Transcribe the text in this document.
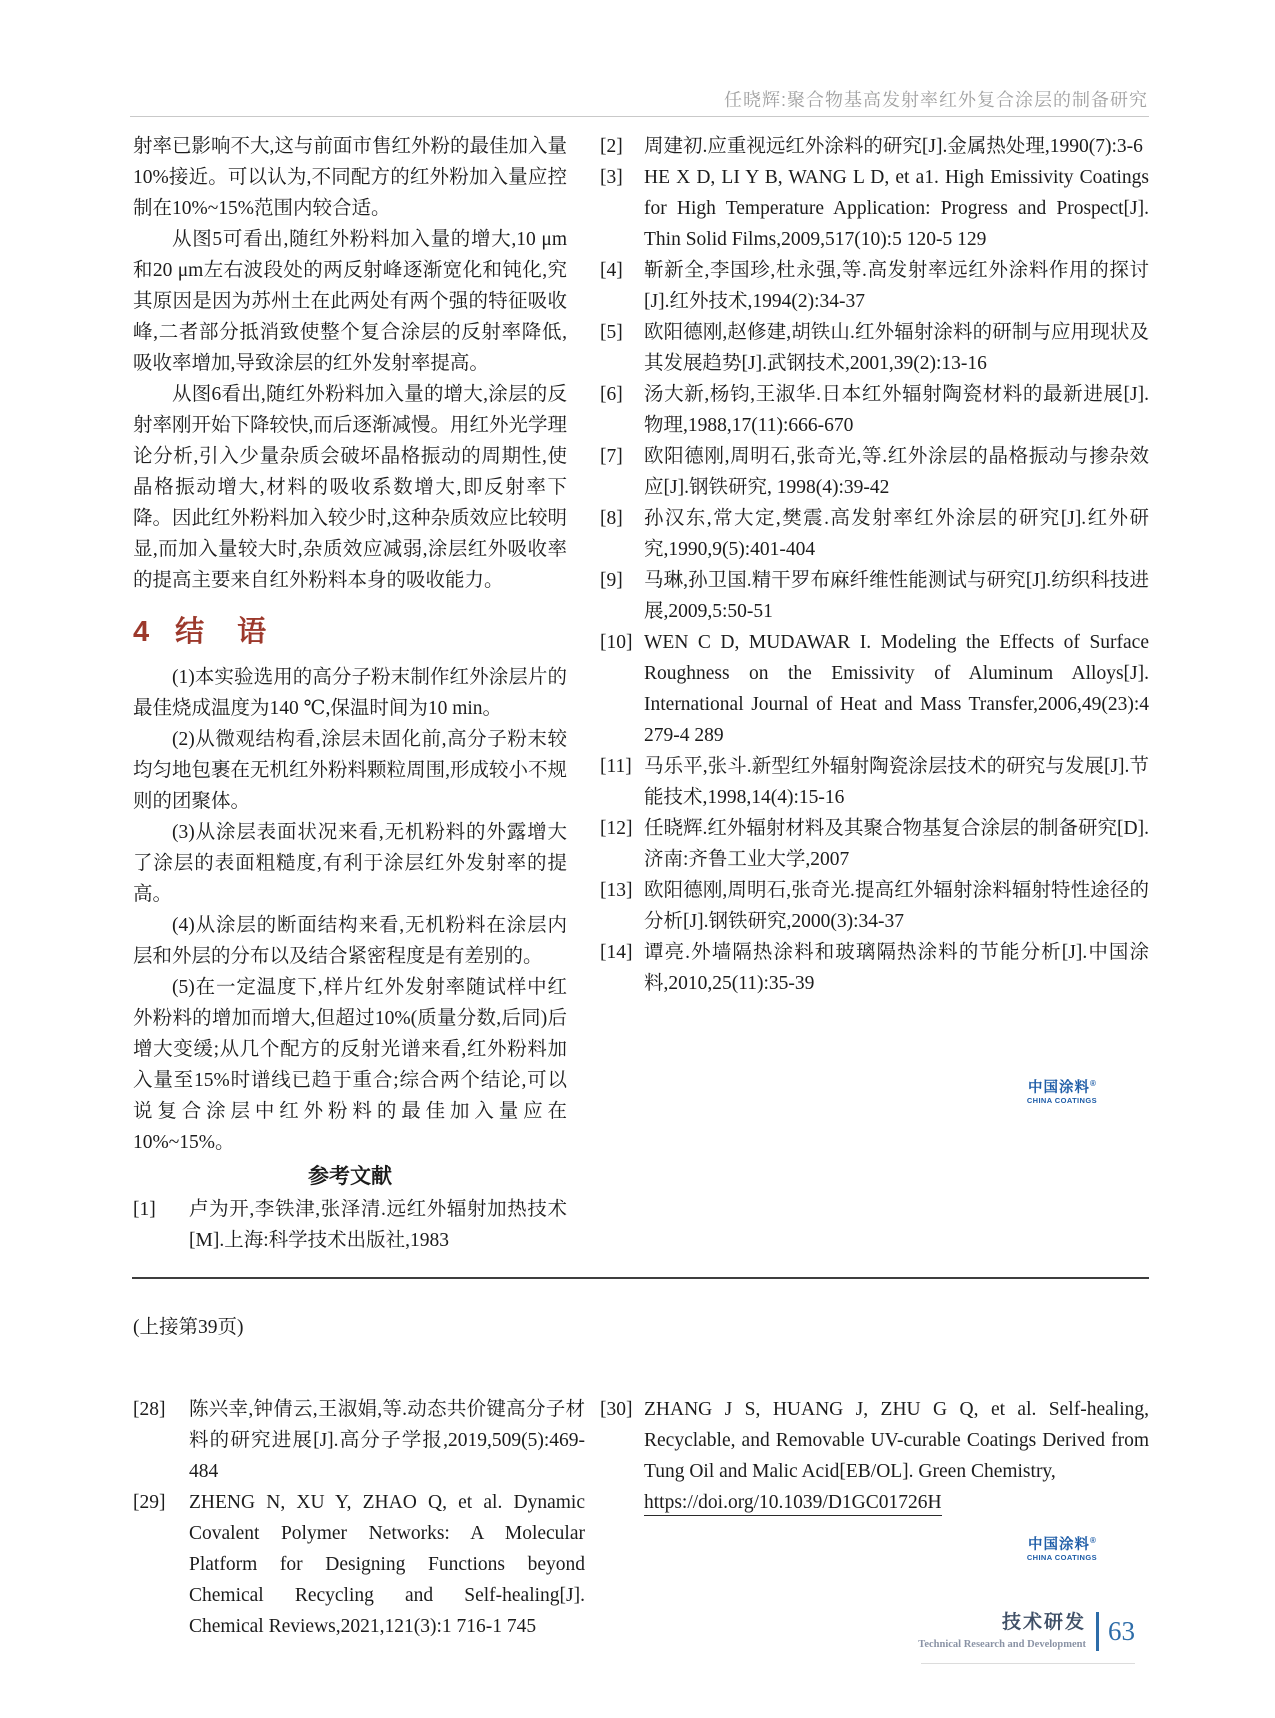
任晓辉:聚合物基高发射率红外复合涂层的制备研究

射率已影响不大,这与前面市售红外粉的最佳加入量10%接近。可以认为,不同配方的红外粉加入量应控制在10%~15%范围内较合适。

从图5可看出,随红外粉料加入量的增大,10 μm和20 μm左右波段处的两反射峰逐渐宽化和钝化,究其原因是因为苏州土在此两处有两个强的特征吸收峰,二者部分抵消致使整个复合涂层的反射率降低,吸收率增加,导致涂层的红外发射率提高。

从图6看出,随红外粉料加入量的增大,涂层的反射率刚开始下降较快,而后逐渐减慢。用红外光学理论分析,引入少量杂质会破坏晶格振动的周期性,使晶格振动增大,材料的吸收系数增大,即反射率下降。因此红外粉料加入较少时,这种杂质效应比较明显,而加入量较大时,杂质效应减弱,涂层红外吸收率的提高主要来自红外粉料本身的吸收能力。

4 结　语

(1)本实验选用的高分子粉末制作红外涂层片的最佳烧成温度为140 ℃,保温时间为10 min。

(2)从微观结构看,涂层未固化前,高分子粉末较均匀地包裹在无机红外粉料颗粒周围,形成较小不规则的团聚体。

(3)从涂层表面状况来看,无机粉料的外露增大了涂层的表面粗糙度,有利于涂层红外发射率的提高。

(4)从涂层的断面结构来看,无机粉料在涂层内层和外层的分布以及结合紧密程度是有差别的。

(5)在一定温度下,样片红外发射率随试样中红外粉料的增加而增大,但超过10%(质量分数,后同)后增大变缓;从几个配方的反射光谱来看,红外粉料加入量至15%时谱线已趋于重合;综合两个结论,可以说复合涂层中红外粉料的最佳加入量应在10%~15%。

参考文献

[1]	卢为开,李铁津,张泽清.远红外辐射加热技术[M].上海:科学技术出版社,1983
[2]	周建初.应重视远红外涂料的研究[J].金属热处理,1990(7):3-6
[3]	HE X D, LI Y B, WANG L D, et a1. High Emissivity Coatings for High Temperature Application: Progress and Prospect[J]. Thin Solid Films,2009,517(10):5 120-5 129
[4]	靳新全,李国珍,杜永强,等.高发射率远红外涂料作用的探讨[J].红外技术,1994(2):34-37
[5]	欧阳德刚,赵修建,胡铁山.红外辐射涂料的研制与应用现状及其发展趋势[J].武钢技术,2001,39(2):13-16
[6]	汤大新,杨钧,王淑华.日本红外辐射陶瓷材料的最新进展[J].物理,1988,17(11):666-670
[7]	欧阳德刚,周明石,张奇光,等.红外涂层的晶格振动与掺杂效应[J].钢铁研究, 1998(4):39-42
[8]	孙汉东,常大定,樊震.高发射率红外涂层的研究[J].红外研究,1990,9(5):401-404
[9]	马琳,孙卫国.精干罗布麻纤维性能测试与研究[J].纺织科技进展,2009,5:50-51
[10] WEN C D, MUDAWAR I. Modeling the Effects of Surface Roughness on the Emissivity of Aluminum Alloys[J]. International Journal of Heat and Mass Transfer,2006,49(23):4 279-4 289
[11] 马乐平,张斗.新型红外辐射陶瓷涂层技术的研究与发展[J].节能技术,1998,14(4):15-16
[12] 任晓辉.红外辐射材料及其聚合物基复合涂层的制备研究[D].济南:齐鲁工业大学,2007
[13] 欧阳德刚,周明石,张奇光.提高红外辐射涂料辐射特性途径的分析[J].钢铁研究,2000(3):34-37
[14] 谭亮.外墙隔热涂料和玻璃隔热涂料的节能分析[J].中国涂料,2010,25(11):35-39
中国涂料®
CHINA COATINGS
(上接第39页)
[28]	陈兴幸,钟倩云,王淑娟,等.动态共价键高分子材料的研究进展[J].高分子学报,2019,509(5):469-484
[29]	ZHENG N, XU Y, ZHAO Q, et al. Dynamic Covalent Polymer Networks: A Molecular Platform for Designing Functions beyond Chemical Recycling and Self-healing[J]. Chemical Reviews,2021,121(3):1 716-1 745
[30] ZHANG J S, HUANG J, ZHU G Q, et al. Self-healing, Recyclable, and Removable UV-curable Coatings Derived from Tung Oil and Malic Acid[EB/OL]. Green Chemistry,
https://doi.org/10.1039/D1GC01726H
中国涂料®
CHINA COATINGS
技术研发
Technical Research and Development 63
